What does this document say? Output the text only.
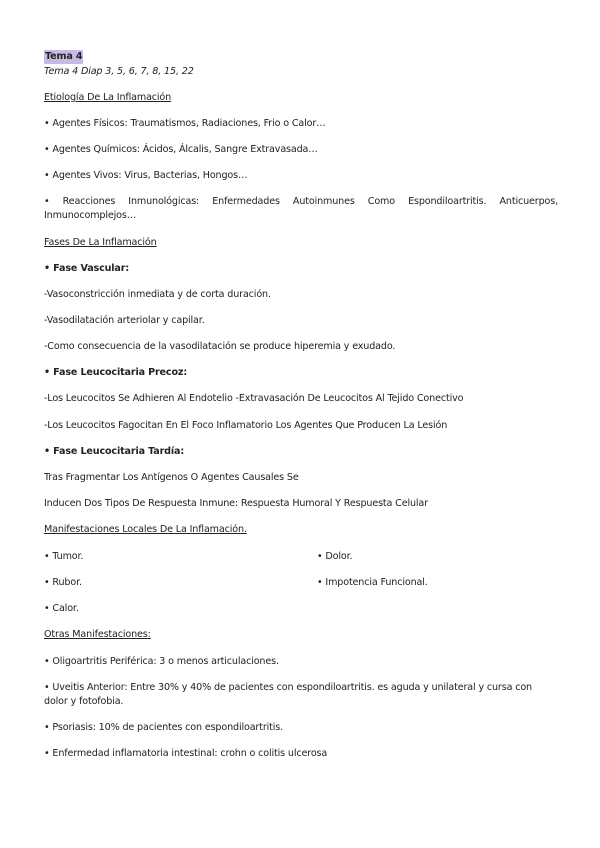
Tema 4
Tema 4 Diap 3, 5, 6, 7, 8, 15, 22
Etiología De La Inflamación
• Agentes Físicos: Traumatismos, Radiaciones, Frio o Calor…
• Agentes Químicos: Ácidos, Álcalis, Sangre Extravasada…
• Agentes Vivos: Virus, Bacterias, Hongos…
• Reacciones Inmunológicas: Enfermedades Autoinmunes Como Espondiloartritis. Anticuerpos,
Inmunocomplejos…
Fases De La Inflamación
• Fase Vascular:
-Vasoconstricción inmediata y de corta duración.
-Vasodilatación arteriolar y capilar.
-Como consecuencia de la vasodilatación se produce hiperemia y exudado.
• Fase Leucocitaria Precoz:
-Los Leucocitos Se Adhieren Al Endotelio -Extravasación De Leucocitos Al Tejido Conectivo
-Los Leucocitos Fagocitan En El Foco Inflamatorio Los Agentes Que Producen La Lesión
• Fase Leucocitaria Tardía:
Tras Fragmentar Los Antígenos O Agentes Causales Se
Inducen Dos Tipos De Respuesta Inmune: Respuesta Humoral Y Respuesta Celular
Manifestaciones Locales De La Inflamación.
• Tumor.	• Dolor.
• Rubor.	• Impotencia Funcional.
• Calor.
Otras Manifestaciones:
• Oligoartritis Periférica: 3 o menos articulaciones.
• Uveitis Anterior: Entre 30% y 40% de pacientes con espondiloartritis. es aguda y unilateral y cursa con
dolor y fotofobia.
• Psoriasis: 10% de pacientes con espondiloartritis.
• Enfermedad inflamatoria intestinal: crohn o colitis ulcerosa
